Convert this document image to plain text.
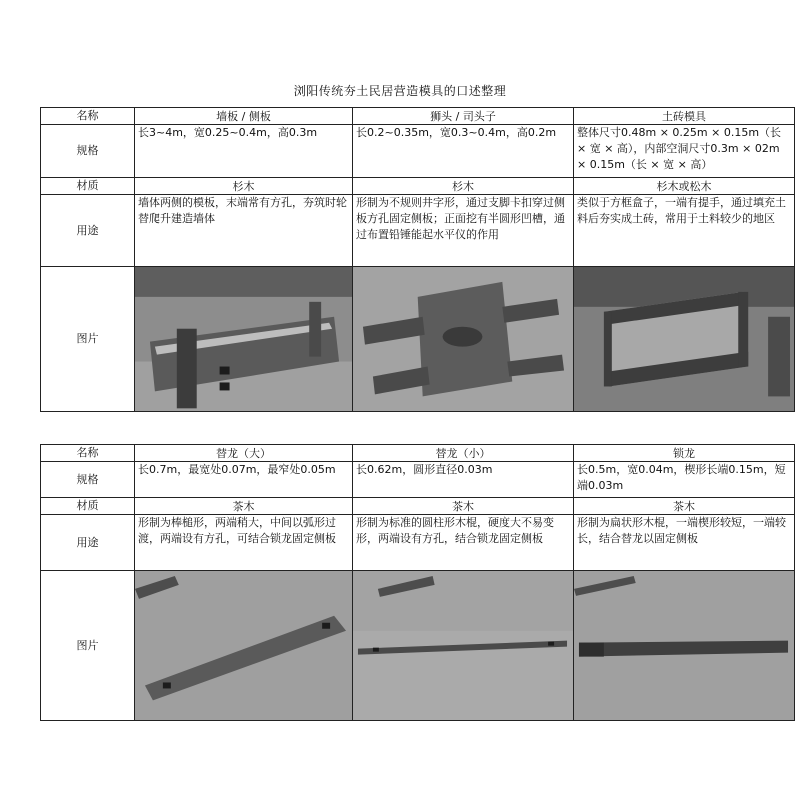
浏阳传统夯土民居营造模具的口述整理
名称	墙板 / 侧板	狮头 / 司头子	土砖模具
规格	长3~4m，宽0.25~0.4m，高0.3m	长0.2~0.35m，宽0.3~0.4m，高0.2m	整体尺寸0.48m × 0.25m × 0.15m（长 × 宽 × 高），内部空洞尺寸0.3m × 02m × 0.15m（长 × 宽 × 高）
材质	杉木	杉木	杉木或松木
用途	墙体两侧的模板，末端常有方孔，夯筑时轮替爬升建造墙体	形制为不规则井字形，通过支脚卡扣穿过侧板方孔固定侧板；正面挖有半圆形凹槽，通过布置铅锤能起水平仪的作用	类似于方框盒子，一端有提手，通过填充土料后夯实成土砖，常用于土料较少的地区
图片	

名称	替龙（大）	替龙（小）	锁龙
规格	长0.7m，最宽处0.07m，最窄处0.05m	长0.62m，圆形直径0.03m	长0.5m，宽0.04m，楔形长端0.15m，短端0.03m
材质	茶木	茶木	茶木
用途	形制为棒槌形，两端稍大，中间以弧形过渡，两端设有方孔，可结合锁龙固定侧板	形制为标准的圆柱形木棍，硬度大不易变形，两端设有方孔，结合锁龙固定侧板	形制为扁状形木棍，一端楔形较短，一端较长，结合替龙以固定侧板
图片	
